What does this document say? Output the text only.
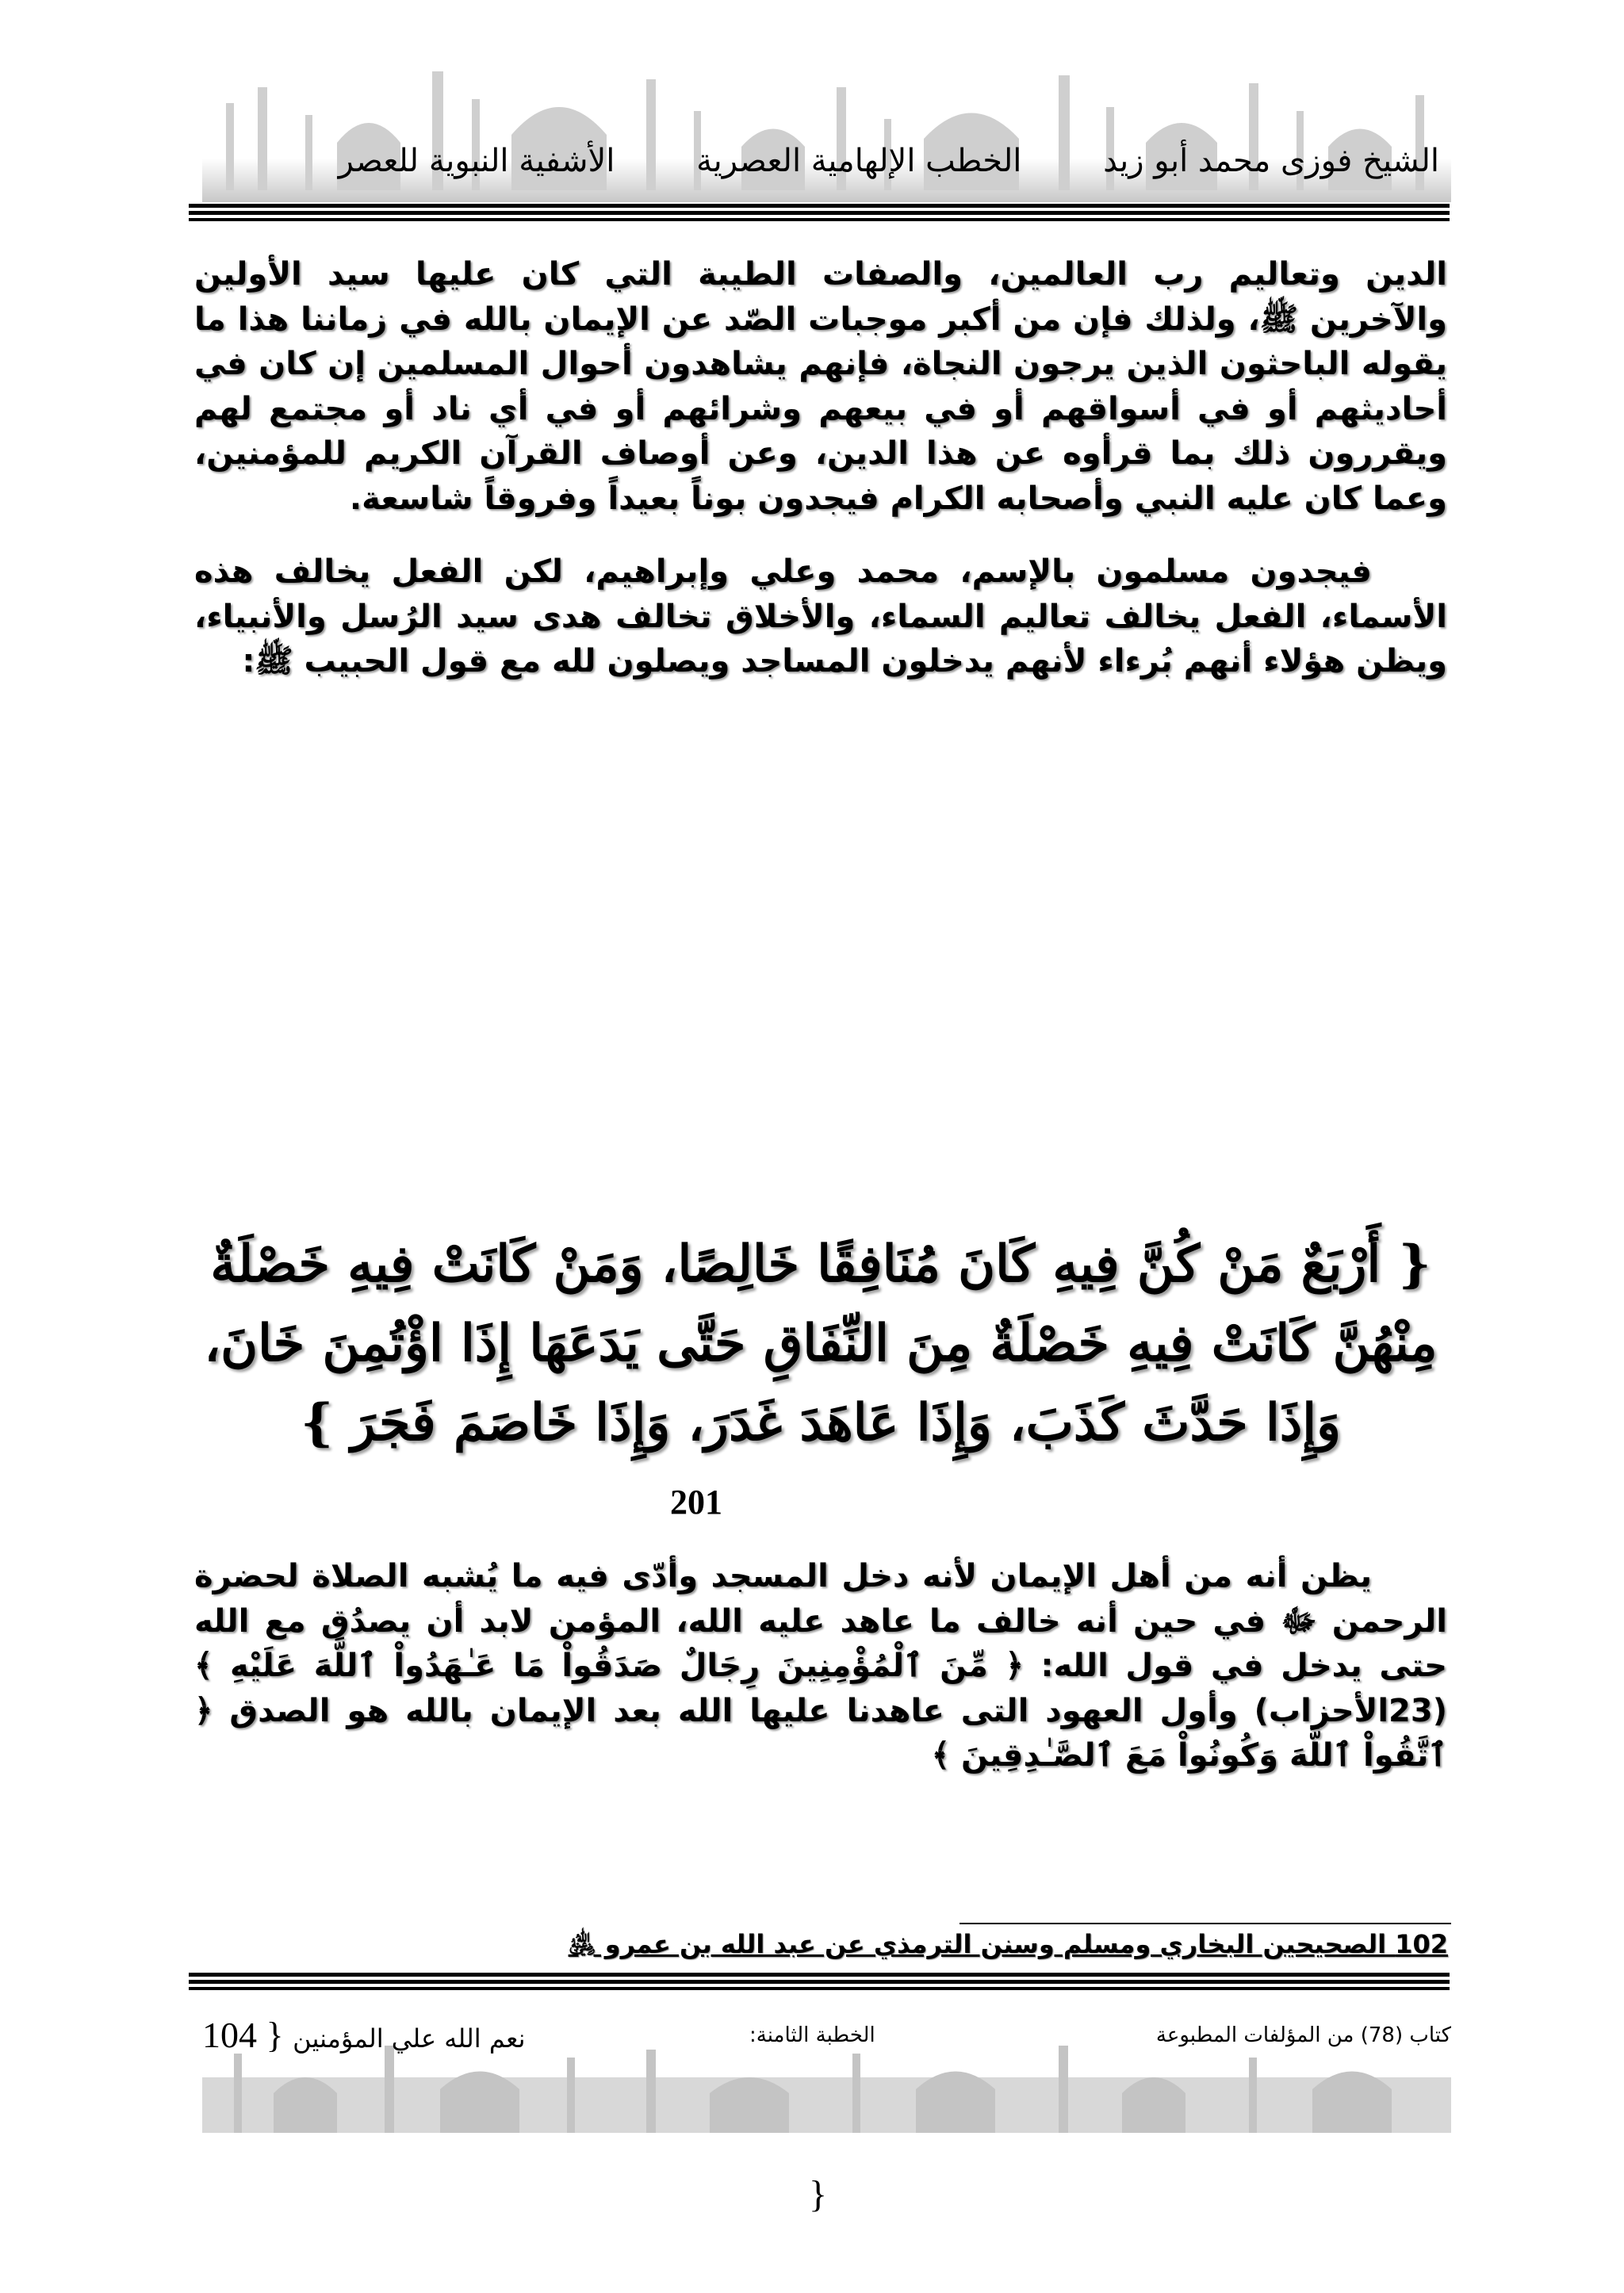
الشيخ فوزى محمد أبو زيد الخطب الإلهامية العصرية الأشفية النبوية للعصر

الدين وتعاليم رب العالمين، والصفات الطيبة التي كان عليها سيد الأولين والآخرين ﷺ، ولذلك فإن من أكبر موجبات الصّد عن الإيمان بالله في زماننا هذا ما يقوله الباحثون الذين يرجون النجاة، فإنهم يشاهدون أحوال المسلمين إن كان في أحاديثهم أو في أسواقهم أو في بيعهم وشرائهم أو في أي ناد أو مجتمع لهم ويقررون ذلك بما قرأوه عن هذا الدين، وعن أوصاف القرآن الكريم للمؤمنين، وعما كان عليه النبي وأصحابه الكرام فيجدون بوناً بعيداً وفروقاً شاسعة.

فيجدون مسلمون بالإسم، محمد وعلي وإبراهيم، لكن الفعل يخالف هذه الأسماء، الفعل يخالف تعاليم السماء، والأخلاق تخالف هدى سيد الرُسل والأنبياء، ويظن هؤلاء أنهم بُرءاء لأنهم يدخلون المساجد ويصلون لله مع قول الحبيب ﷺ:

{ أَرْبَعٌ مَنْ كُنَّ فِيهِ كَانَ مُنَافِقًا خَالِصًا، وَمَنْ كَانَتْ فِيهِ خَصْلَةٌ مِنْهُنَّ كَانَتْ فِيهِ خَصْلَةٌ مِنَ النِّفَاقِ حَتَّى يَدَعَهَا إِذَا اؤْتُمِنَ خَانَ، وَإِذَا حَدَّثَ كَذَبَ، وَإِذَا عَاهَدَ غَدَرَ، وَإِذَا خَاصَمَ فَجَرَ }
201

يظن أنه من أهل الإيمان لأنه دخل المسجد وأدّى فيه ما يُشبه الصلاة لحضرة الرحمن ﷻ في حين أنه خالف ما عاهد عليه الله، المؤمن لابد أن يصدُق مع الله حتى يدخل في قول الله: ﴿ مِّنَ ٱلْمُؤْمِنِينَ رِجَالٌ صَدَقُواْ مَا عَـٰهَدُواْ ٱللَّهَ عَلَيْهِ ﴾ (23الأحزاب) وأول العهود التى عاهدنا عليها الله بعد الإيمان بالله هو الصدق ﴿ ٱتَّقُواْ ٱللَّهَ وَكُونُواْ مَعَ ٱلصَّـٰدِقِينَ ﴾

102 الصحيحين البخاري ومسلم وسنن الترمذي عن عبد الله بن عمرو ﵁
نعم الله علي المؤمنين { 104	الخطبة الثامنة:	كتاب (78) من المؤلفات المطبوعة
{
